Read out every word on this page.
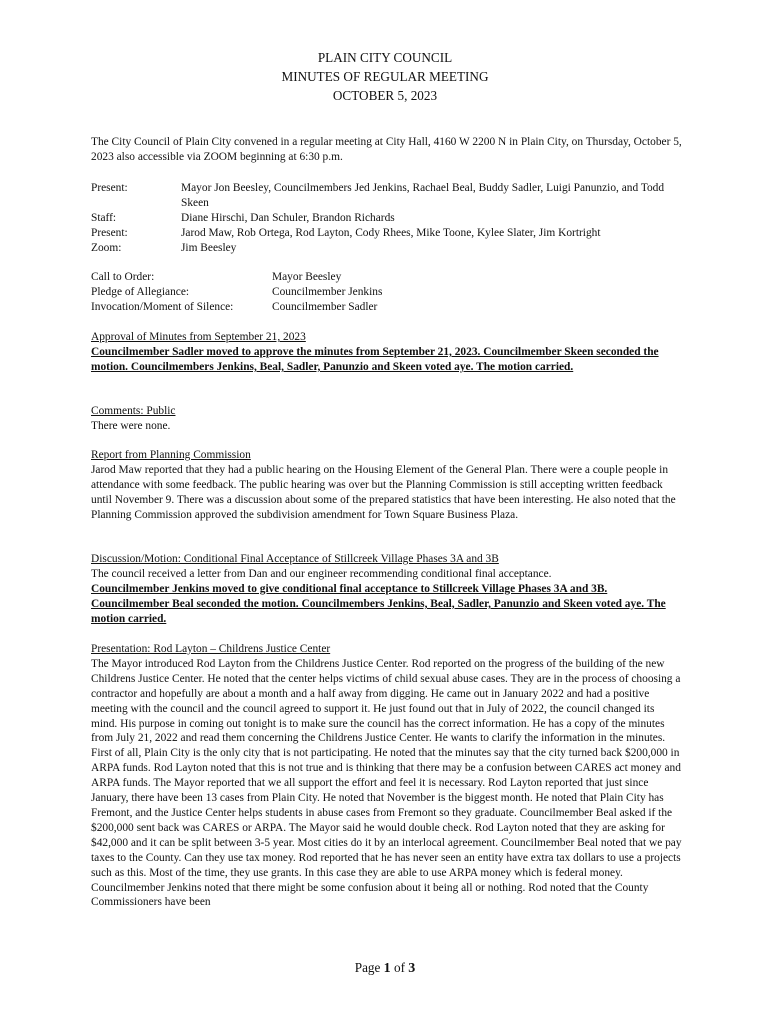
PLAIN CITY COUNCIL
MINUTES OF REGULAR MEETING
OCTOBER 5, 2023
The City Council of Plain City convened in a regular meeting at City Hall, 4160 W 2200 N in Plain City, on Thursday, October 5, 2023 also accessible via ZOOM beginning at 6:30 p.m.
Present:	Mayor Jon Beesley, Councilmembers Jed Jenkins, Rachael Beal, Buddy Sadler, Luigi Panunzio, and Todd Skeen
Staff:	Diane Hirschi, Dan Schuler, Brandon Richards
Present:	Jarod Maw, Rob Ortega, Rod Layton, Cody Rhees, Mike Toone, Kylee Slater, Jim Kortright
Zoom:	Jim Beesley
Call to Order:	Mayor Beesley
Pledge of Allegiance:	Councilmember Jenkins
Invocation/Moment of Silence:	Councilmember Sadler
Approval of Minutes from September 21, 2023
Councilmember Sadler moved to approve the minutes from September 21, 2023. Councilmember Skeen seconded the motion. Councilmembers Jenkins, Beal, Sadler, Panunzio and Skeen voted aye. The motion carried.
Comments: Public
There were none.
Report from Planning Commission
Jarod Maw reported that they had a public hearing on the Housing Element of the General Plan. There were a couple people in attendance with some feedback. The public hearing was over but the Planning Commission is still accepting written feedback until November 9. There was a discussion about some of the prepared statistics that have been interesting. He also noted that the Planning Commission approved the subdivision amendment for Town Square Business Plaza.
Discussion/Motion: Conditional Final Acceptance of Stillcreek Village Phases 3A and 3B
The council received a letter from Dan and our engineer recommending conditional final acceptance.
Councilmember Jenkins moved to give conditional final acceptance to Stillcreek Village Phases 3A and 3B. Councilmember Beal seconded the motion. Councilmembers Jenkins, Beal, Sadler, Panunzio and Skeen voted aye. The motion carried.
Presentation: Rod Layton – Childrens Justice Center
The Mayor introduced Rod Layton from the Childrens Justice Center. Rod reported on the progress of the building of the new Childrens Justice Center. He noted that the center helps victims of child sexual abuse cases. They are in the process of choosing a contractor and hopefully are about a month and a half away from digging. He came out in January 2022 and had a positive meeting with the council and the council agreed to support it. He just found out that in July of 2022, the council changed its mind. His purpose in coming out tonight is to make sure the council has the correct information. He has a copy of the minutes from July 21, 2022 and read them concerning the Childrens Justice Center. He wants to clarify the information in the minutes. First of all, Plain City is the only city that is not participating. He noted that the minutes say that the city turned back $200,000 in ARPA funds. Rod Layton noted that this is not true and is thinking that there may be a confusion between CARES act money and ARPA funds. The Mayor reported that we all support the effort and feel it is necessary. Rod Layton reported that just since January, there have been 13 cases from Plain City. He noted that November is the biggest month. He noted that Plain City has Fremont, and the Justice Center helps students in abuse cases from Fremont so they graduate. Councilmember Beal asked if the $200,000 sent back was CARES or ARPA. The Mayor said he would double check. Rod Layton noted that they are asking for $42,000 and it can be split between 3-5 year. Most cities do it by an interlocal agreement. Councilmember Beal noted that we pay taxes to the County. Can they use tax money. Rod reported that he has never seen an entity have extra tax dollars to use a projects such as this. Most of the time, they use grants. In this case they are able to use ARPA money which is federal money. Councilmember Jenkins noted that there might be some confusion about it being all or nothing. Rod noted that the County Commissioners have been
Page 1 of 3
